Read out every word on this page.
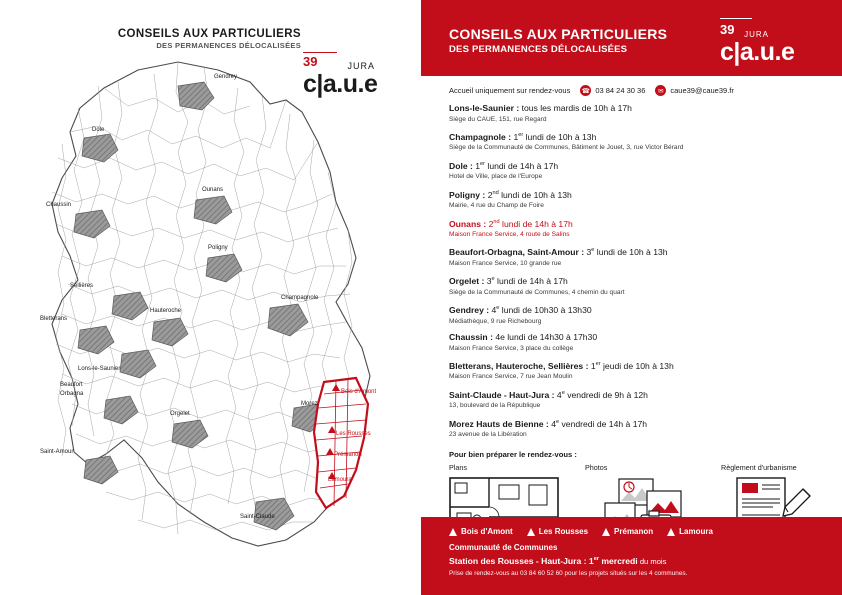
CONSEILS AUX PARTICULIERS
DES PERMANENCES DÉLOCALISÉES
39	JURA
c|a.u.e
Gendrey
Dole
Ounans
Chaussin
Poligny
Sellières
Champagnole
Hauteroche
Bletterans
Lons-le-Saunier
Beaufort
Orbagna	Bois d'Amont
Morez
Orgelet
Les Rousses
Saint-Amour	Prémanon
Lamoura
Saint-Claude
CONSEILS AUX PARTICULIERS
DES PERMANENCES DÉLOCALISÉES
39 JURA
c|a.u.e
Accueil uniquement sur rendez-vous ☎ 03 84 24 30 36	✉ caue39@caue39.fr
Lons-le-Saunier : tous les mardis de 10h à 17h
Siège du CAUE, 151, rue Regard
Champagnole : 1er lundi de 10h à 13h
Siège de la Communauté de Communes, Bâtiment le Jouet, 3, rue Victor Bérard
Dole : 1er lundi de 14h à 17h
Hotel de Ville, place de l'Europe
Poligny : 2nd lundi de 10h à 13h
Mairie, 4 rue du Champ de Foire
Ounans : 2nd lundi de 14h à 17h
Maison France Service, 4 route de Salins
Beaufort-Orbagna, Saint-Amour : 3e lundi de 10h à 13h
Maison France Service, 10 grande rue
Orgelet : 3e lundi de 14h à 17h
Siège de la Communauté de Communes, 4 chemin du quart
Gendrey : 4e lundi de 10h30 à 13h30
Médiathèque, 9 rue Richebourg
Chaussin : 4e lundi de 14h30 à 17h30
Maison France Service, 3 place du collège
Bletterans, Hauteroche, Sellières : 1er jeudi de 10h à 13h
Maison France Service, 7 rue Jean Moulin
Saint-Claude - Haut-Jura : 4e vendredi de 9h à 12h
13, boulevard de la République
Morez Hauts de Bienne : 4e vendredi de 14h à 17h
23 avenue de la Libération
Pour bien préparer le rendez-vous :
Plans	Photos	Règlement d'urbanisme
Bois d'Amont	Les Rousses	Prémanon	Lamoura
Communauté de Communes
Station des Rousses - Haut-Jura : 1er mercredi du mois
Prise de rendez-vous au 03 84 60 52 60 pour les projets situés sur les 4 communes.
